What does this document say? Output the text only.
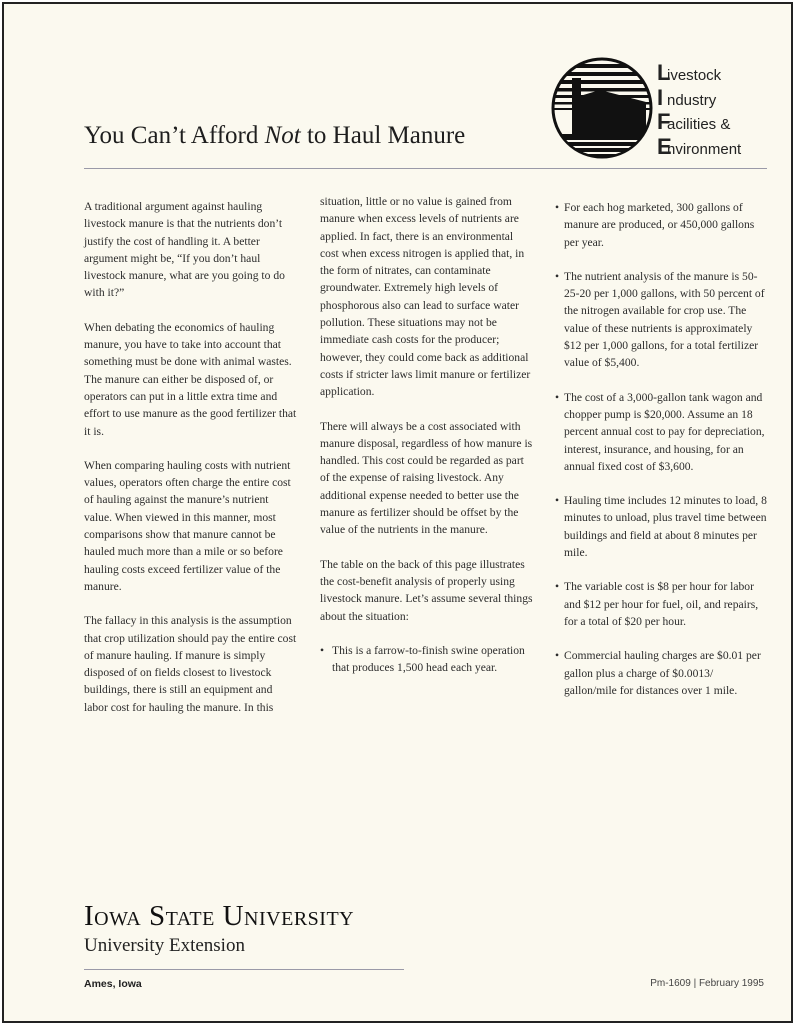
Livestock
I ndustry
Facilities &
Environment
You Can’t Afford Not to Haul Manure

A traditional argument against hauling livestock manure is that the nutrients don’t justify the cost of handling it. A better argument might be, “If you don’t haul livestock manure, what are you going to do with it?”

When debating the economics of hauling manure, you have to take into account that something must be done with animal wastes. The manure can either be disposed of, or operators can put in a little extra time and effort to use manure as the good fertilizer that it is.

When comparing hauling costs with nutrient values, operators often charge the entire cost of hauling against the manure’s nutrient value. When viewed in this manner, most comparisons show that manure cannot be hauled much more than a mile or so before hauling costs exceed fertilizer value of the manure.

The fallacy in this analysis is the assumption that crop utilization should pay the entire cost of manure hauling. If manure is simply disposed of on fields closest to livestock buildings, there is still an equipment and labor cost for hauling the manure. In this

situation, little or no value is gained from manure when excess levels of nutrients are applied. In fact, there is an environmental cost when excess nitrogen is applied that, in the form of nitrates, can contaminate groundwater. Extremely high levels of phosphorous also can lead to surface water pollution. These situations may not be immediate cash costs for the producer; however, they could come back as additional costs if stricter laws limit manure or fertilizer application.

There will always be a cost associated with manure disposal, regardless of how manure is handled. This cost could be regarded as part of the expense of raising livestock. Any additional expense needed to better use the manure as fertilizer should be offset by the value of the nutrients in the manure.

The table on the back of this page illustrates the cost-benefit analysis of properly using livestock manure. Let’s assume several things about the situation:

• This is a farrow-to-finish swine operation that produces 1,500 head each year.
• For each hog marketed, 300 gallons of manure are produced, or 450,000 gallons per year.
• The nutrient analysis of the manure is 50-25-20 per 1,000 gallons, with 50 percent of the nitrogen available for crop use. The value of these nutrients is approximately $12 per 1,000 gallons, for a total fertilizer value of $5,400.
• The cost of a 3,000-gallon tank wagon and chopper pump is $20,000. Assume an 18 percent annual cost to pay for depreciation, interest, insurance, and housing, for an annual fixed cost of $3,600.
• Hauling time includes 12 minutes to load, 8 minutes to unload, plus travel time between buildings and field at about 8 minutes per mile.
• The variable cost is $8 per hour for labor and $12 per hour for fuel, oil, and repairs, for a total of $20 per hour.
• Commercial hauling charges are $0.01 per gallon plus a charge of $0.0013/ gallon/mile for distances over 1 mile.
Iowa State University
University Extension
Ames, Iowa	Pm-1609 | February 1995
